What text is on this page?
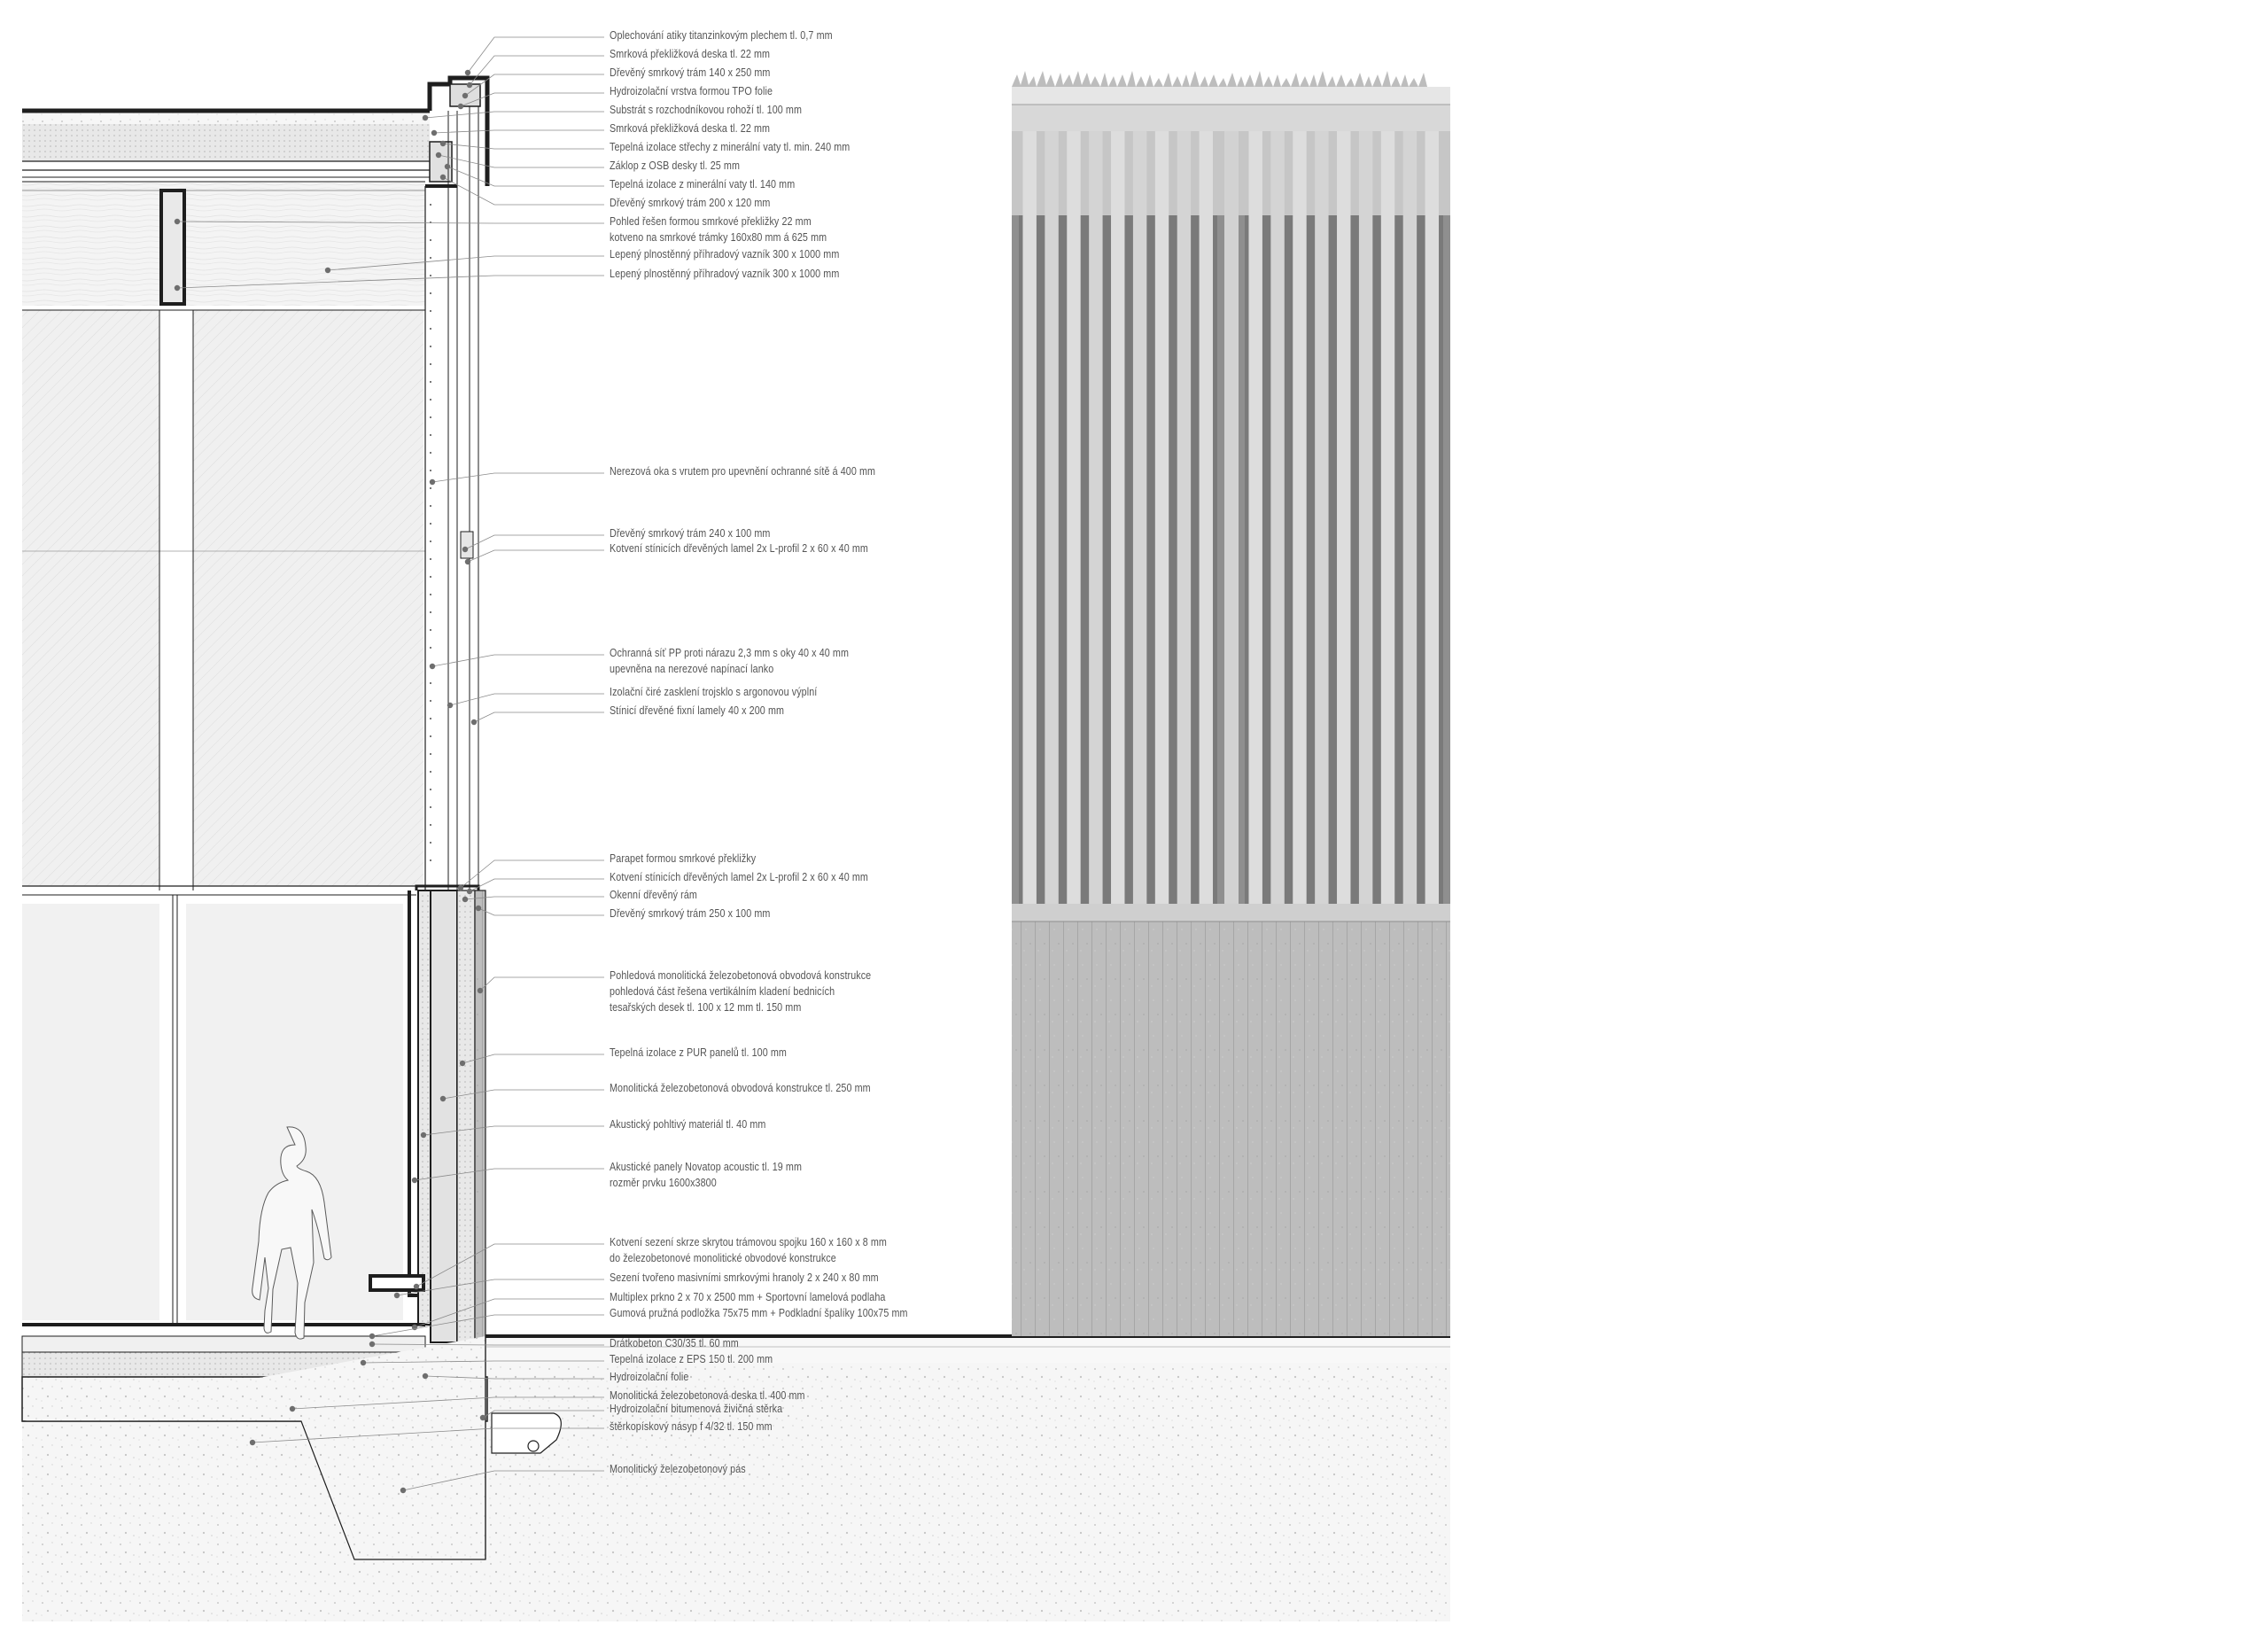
Oplechování atiky titanzinkovým plechem tl. 0,7 mm
Smrková překližková deska tl. 22 mm
Dřevěný smrkový trám 140 x 250 mm
Hydroizolační vrstva formou TPO folie
Substrát s rozchodníkovou rohoží tl. 100 mm
Smrková překližková deska tl. 22 mm
Tepelná izolace střechy z minerální vaty tl. min. 240 mm
Záklop z OSB desky tl. 25 mm
Tepelná izolace z minerální vaty tl. 140 mm
Dřevěný smrkový trám 200 x 120 mm
Pohled řešen formou smrkové překližky 22 mm
kotveno na smrkové trámky 160x80 mm á 625 mm
Lepený plnostěnný příhradový vazník 300 x 1000 mm
Lepený plnostěnný příhradový vazník 300 x 1000 mm
Nerezová oka s vrutem pro upevnění ochranné sítě á 400 mm
Dřevěný smrkový trám 240 x 100 mm
Kotvení stínicích dřevěných lamel 2x L-profil 2 x 60 x 40 mm
Ochranná síť PP proti nárazu 2,3 mm s oky 40 x 40 mm
upevněna na nerezové napínací lanko
Izolační čiré zasklení trojsklo s argonovou výplní
Stínicí dřevěné fixní lamely 40 x 200 mm
Parapet formou smrkové překližky
Kotvení stínicích dřevěných lamel 2x L-profil 2 x 60 x 40 mm
Okenní dřevěný rám
Dřevěný smrkový trám 250 x 100 mm
Pohledová monolitická železobetonová obvodová konstrukce
pohledová část řešena vertikálním kladení bednicích
tesařských desek tl. 100 x 12 mm tl. 150 mm
Tepelná izolace z PUR panelů tl. 100 mm
Monolitická železobetonová obvodová konstrukce tl. 250 mm
Akustický pohltivý materiál tl. 40 mm
Akustické panely Novatop acoustic tl. 19 mm
rozměr prvku 1600x3800
Kotvení sezení skrze skrytou trámovou spojku 160 x 160 x 8 mm
do železobetonové monolitické obvodové konstrukce
Sezení tvořeno masivními smrkovými hranoly 2 x 240 x 80 mm
Multiplex prkno 2 x 70 x 2500 mm + Sportovní lamelová podlaha
Gumová pružná podložka 75x75 mm + Podkladní špalíky 100x75 mm
Drátkobeton C30/35 tl. 60 mm
Tepelná izolace z EPS 150 tl. 200 mm
Hydroizolační folie
Monolitická železobetonová deska tl. 400 mm
Hydroizolační bitumenová živičná stěrka
štěrkopískový násyp f 4/32 tl. 150 mm
Monolitický železobetonový pás
